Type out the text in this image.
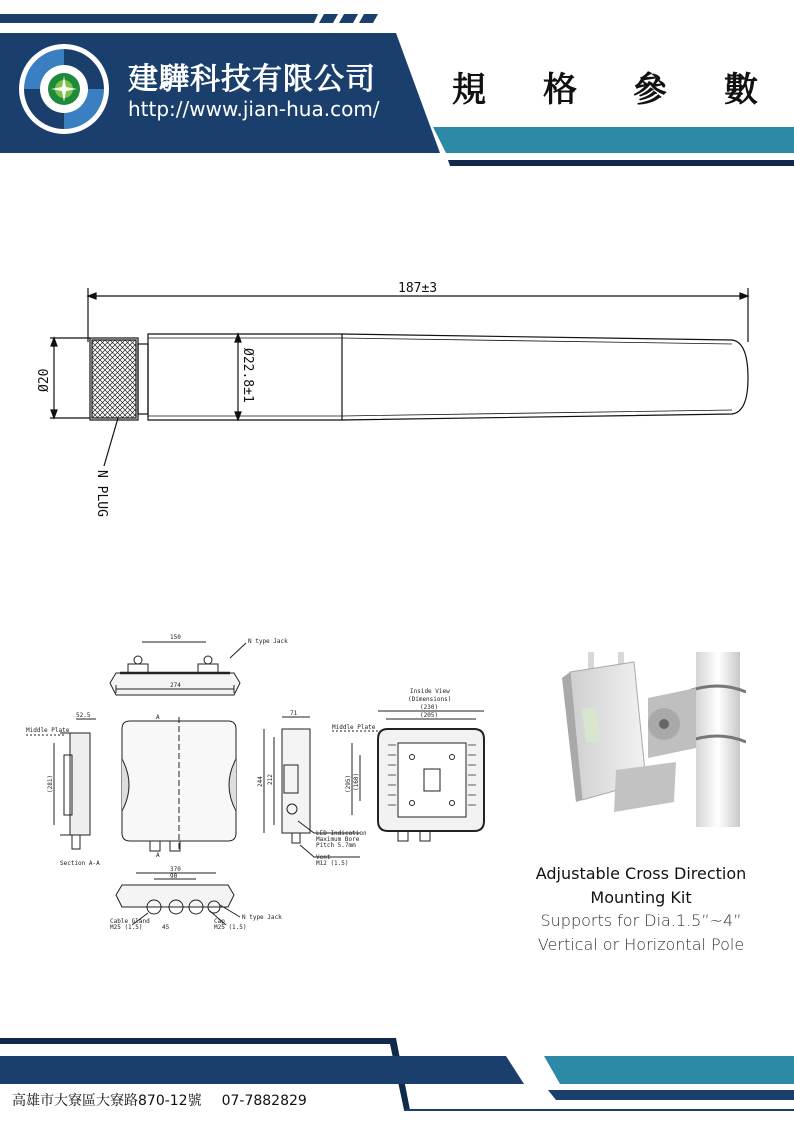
建驊科技有限公司
http://www.jian-hua.com/ 規 格 參 數
187±3
Ø20	Ø22.8±1
N PLUG
150
274
N type Jack
A
A
Section A-A
Middle Plate
52.5
(281)
71
244 212
LED Indication
Maximum Bore
Pitch 5.7mm
Vent
M12 (1.5)
Inside View
(Dimensions)
Middle Plate
(230)
(205)
(295) (160)
370
90
45
Cable Gland
M25 (1.5)
Cap
M25 (1.5)
N type Jack
Adjustable Cross Direction
Mounting Kit
Supports for Dia.1.5”~4”
Vertical or Horizontal Pole
高雄市大寮區大寮路870-12號 07-7882829
